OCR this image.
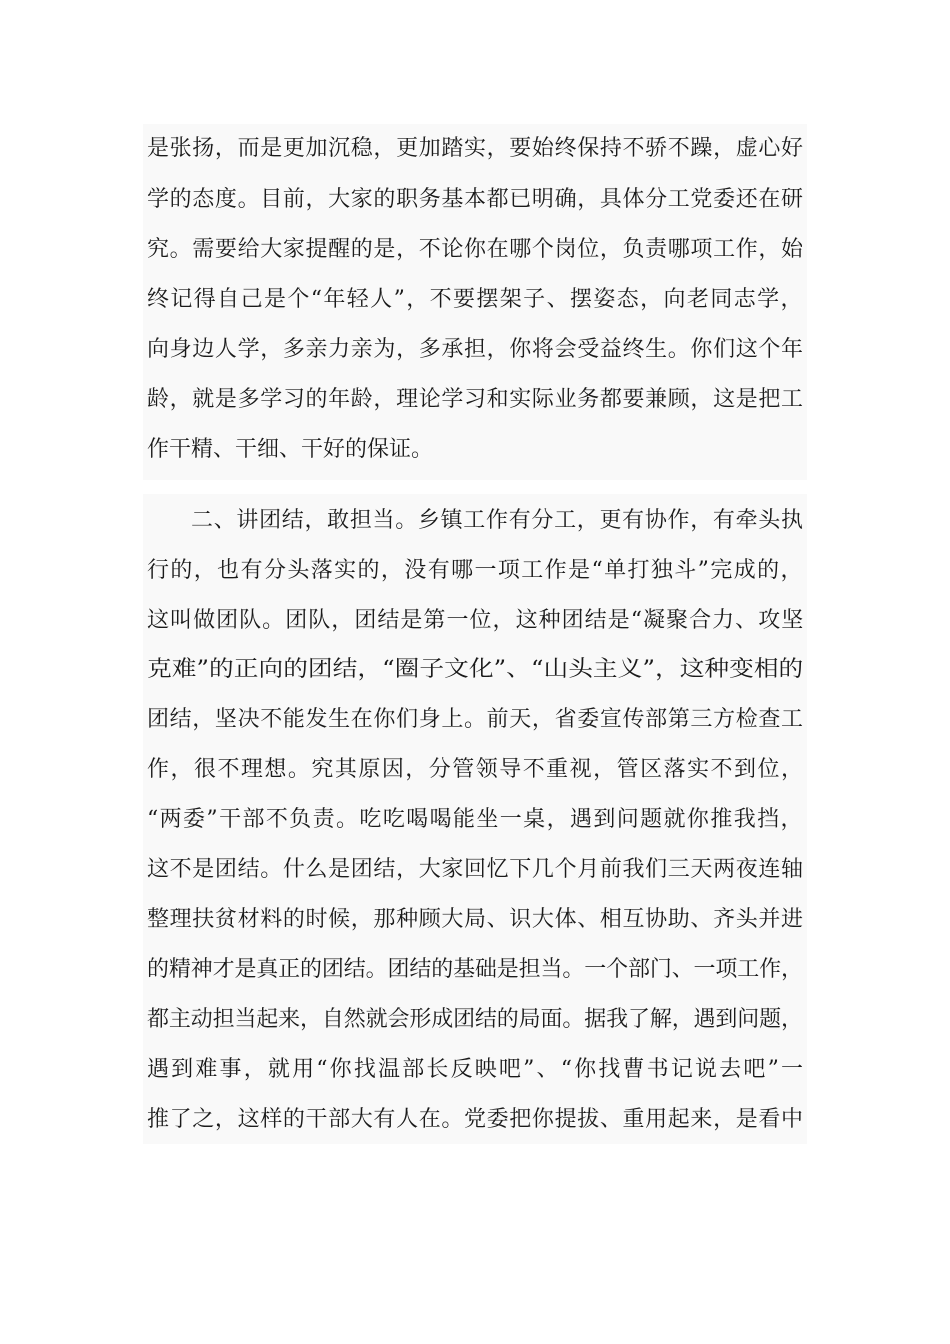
是张扬，而是更加沉稳，更加踏实，要始终保持不骄不躁，虚心好
学的态度。目前，大家的职务基本都已明确，具体分工党委还在研
究。需要给大家提醒的是，不论你在哪个岗位，负责哪项工作，始
终记得自己是个“年轻人”，不要摆架子、摆姿态，向老同志学，
向身边人学，多亲力亲为，多承担，你将会受益终生。你们这个年
龄，就是多学习的年龄，理论学习和实际业务都要兼顾，这是把工
作干精、干细、干好的保证。
二、讲团结，敢担当。乡镇工作有分工，更有协作，有牵头执
行的，也有分头落实的，没有哪一项工作是“单打独斗”完成的，
这叫做团队。团队，团结是第一位，这种团结是“凝聚合力、攻坚
克难”的正向的团结，“圈子文化”、“山头主义”，这种变相的
团结，坚决不能发生在你们身上。前天，省委宣传部第三方检查工
作，很不理想。究其原因，分管领导不重视，管区落实不到位，
“两委”干部不负责。吃吃喝喝能坐一桌，遇到问题就你推我挡，
这不是团结。什么是团结，大家回忆下几个月前我们三天两夜连轴
整理扶贫材料的时候，那种顾大局、识大体、相互协助、齐头并进
的精神才是真正的团结。团结的基础是担当。一个部门、一项工作，
都主动担当起来，自然就会形成团结的局面。据我了解，遇到问题，
遇到难事，就用“你找温部长反映吧”、“你找曹书记说去吧”一
推了之，这样的干部大有人在。党委把你提拔、重用起来，是看中
